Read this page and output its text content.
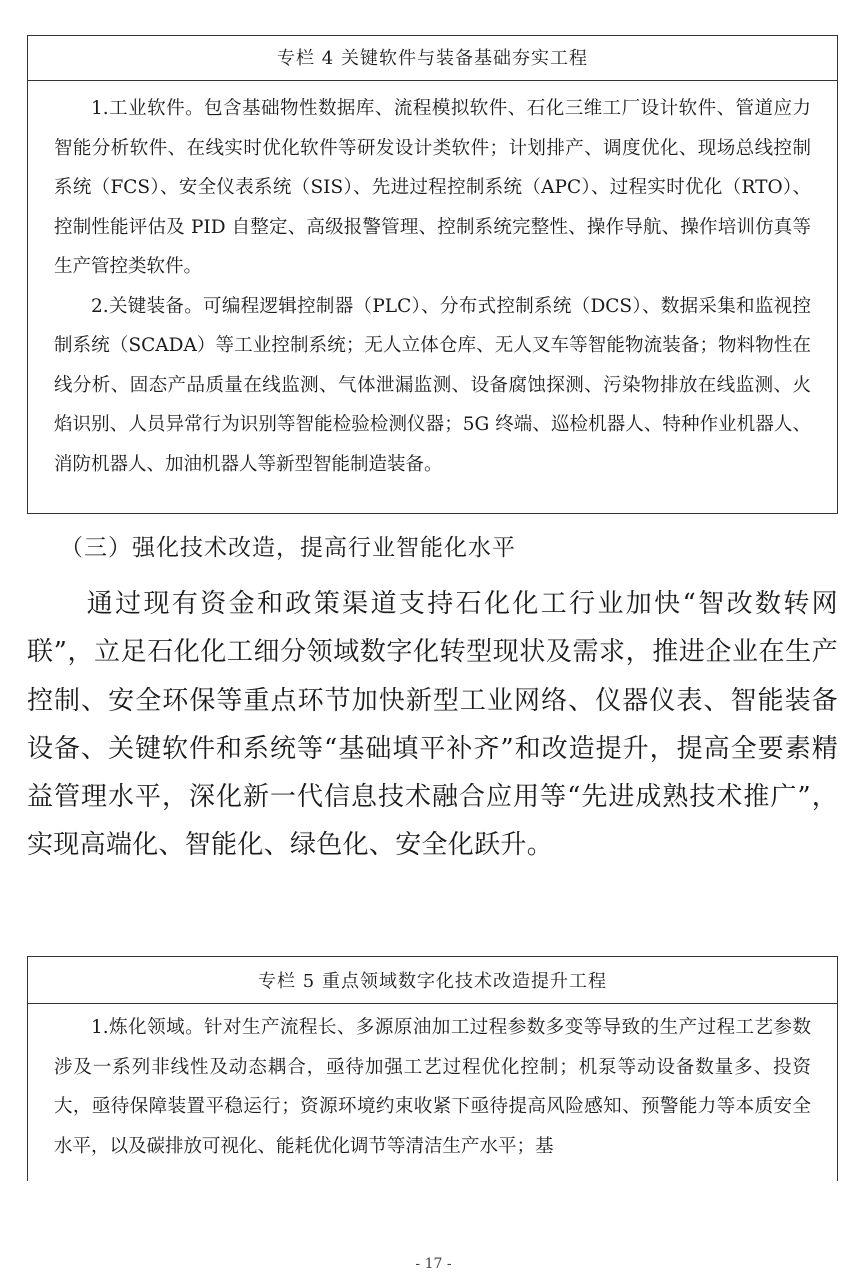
专栏 4 关键软件与装备基础夯实工程

1.工业软件。包含基础物性数据库、流程模拟软件、石化三维工厂设计软件、管道应力智能分析软件、在线实时优化软件等研发设计类软件；计划排产、调度优化、现场总线控制系统（FCS）、安全仪表系统（SIS）、先进过程控制系统（APC）、过程实时优化（RTO）、控制性能评估及 PID 自整定、高级报警管理、控制系统完整性、操作导航、操作培训仿真等生产管控类软件。

2.关键装备。可编程逻辑控制器（PLC）、分布式控制系统（DCS）、数据采集和监视控制系统（SCADA）等工业控制系统；无人立体仓库、无人叉车等智能物流装备；物料物性在线分析、固态产品质量在线监测、气体泄漏监测、设备腐蚀探测、污染物排放在线监测、火焰识别、人员异常行为识别等智能检验检测仪器；5G 终端、巡检机器人、特种作业机器人、消防机器人、加油机器人等新型智能制造装备。

（三）强化技术改造，提高行业智能化水平

通过现有资金和政策渠道支持石化化工行业加快“智改数转网联”，立足石化化工细分领域数字化转型现状及需求，推进企业在生产控制、安全环保等重点环节加快新型工业网络、仪器仪表、智能装备设备、关键软件和系统等“基础填平补齐”和改造提升，提高全要素精益管理水平，深化新一代信息技术融合应用等“先进成熟技术推广”，实现高端化、智能化、绿色化、安全化跃升。

专栏 5 重点领域数字化技术改造提升工程

1.炼化领域。针对生产流程长、多源原油加工过程参数多变等导致的生产过程工艺参数涉及一系列非线性及动态耦合，亟待加强工艺过程优化控制；机泵等动设备数量多、投资大，亟待保障装置平稳运行；资源环境约束收紧下亟待提高风险感知、预警能力等本质安全水平，以及碳排放可视化、能耗优化调节等清洁生产水平；基

- 17 -
